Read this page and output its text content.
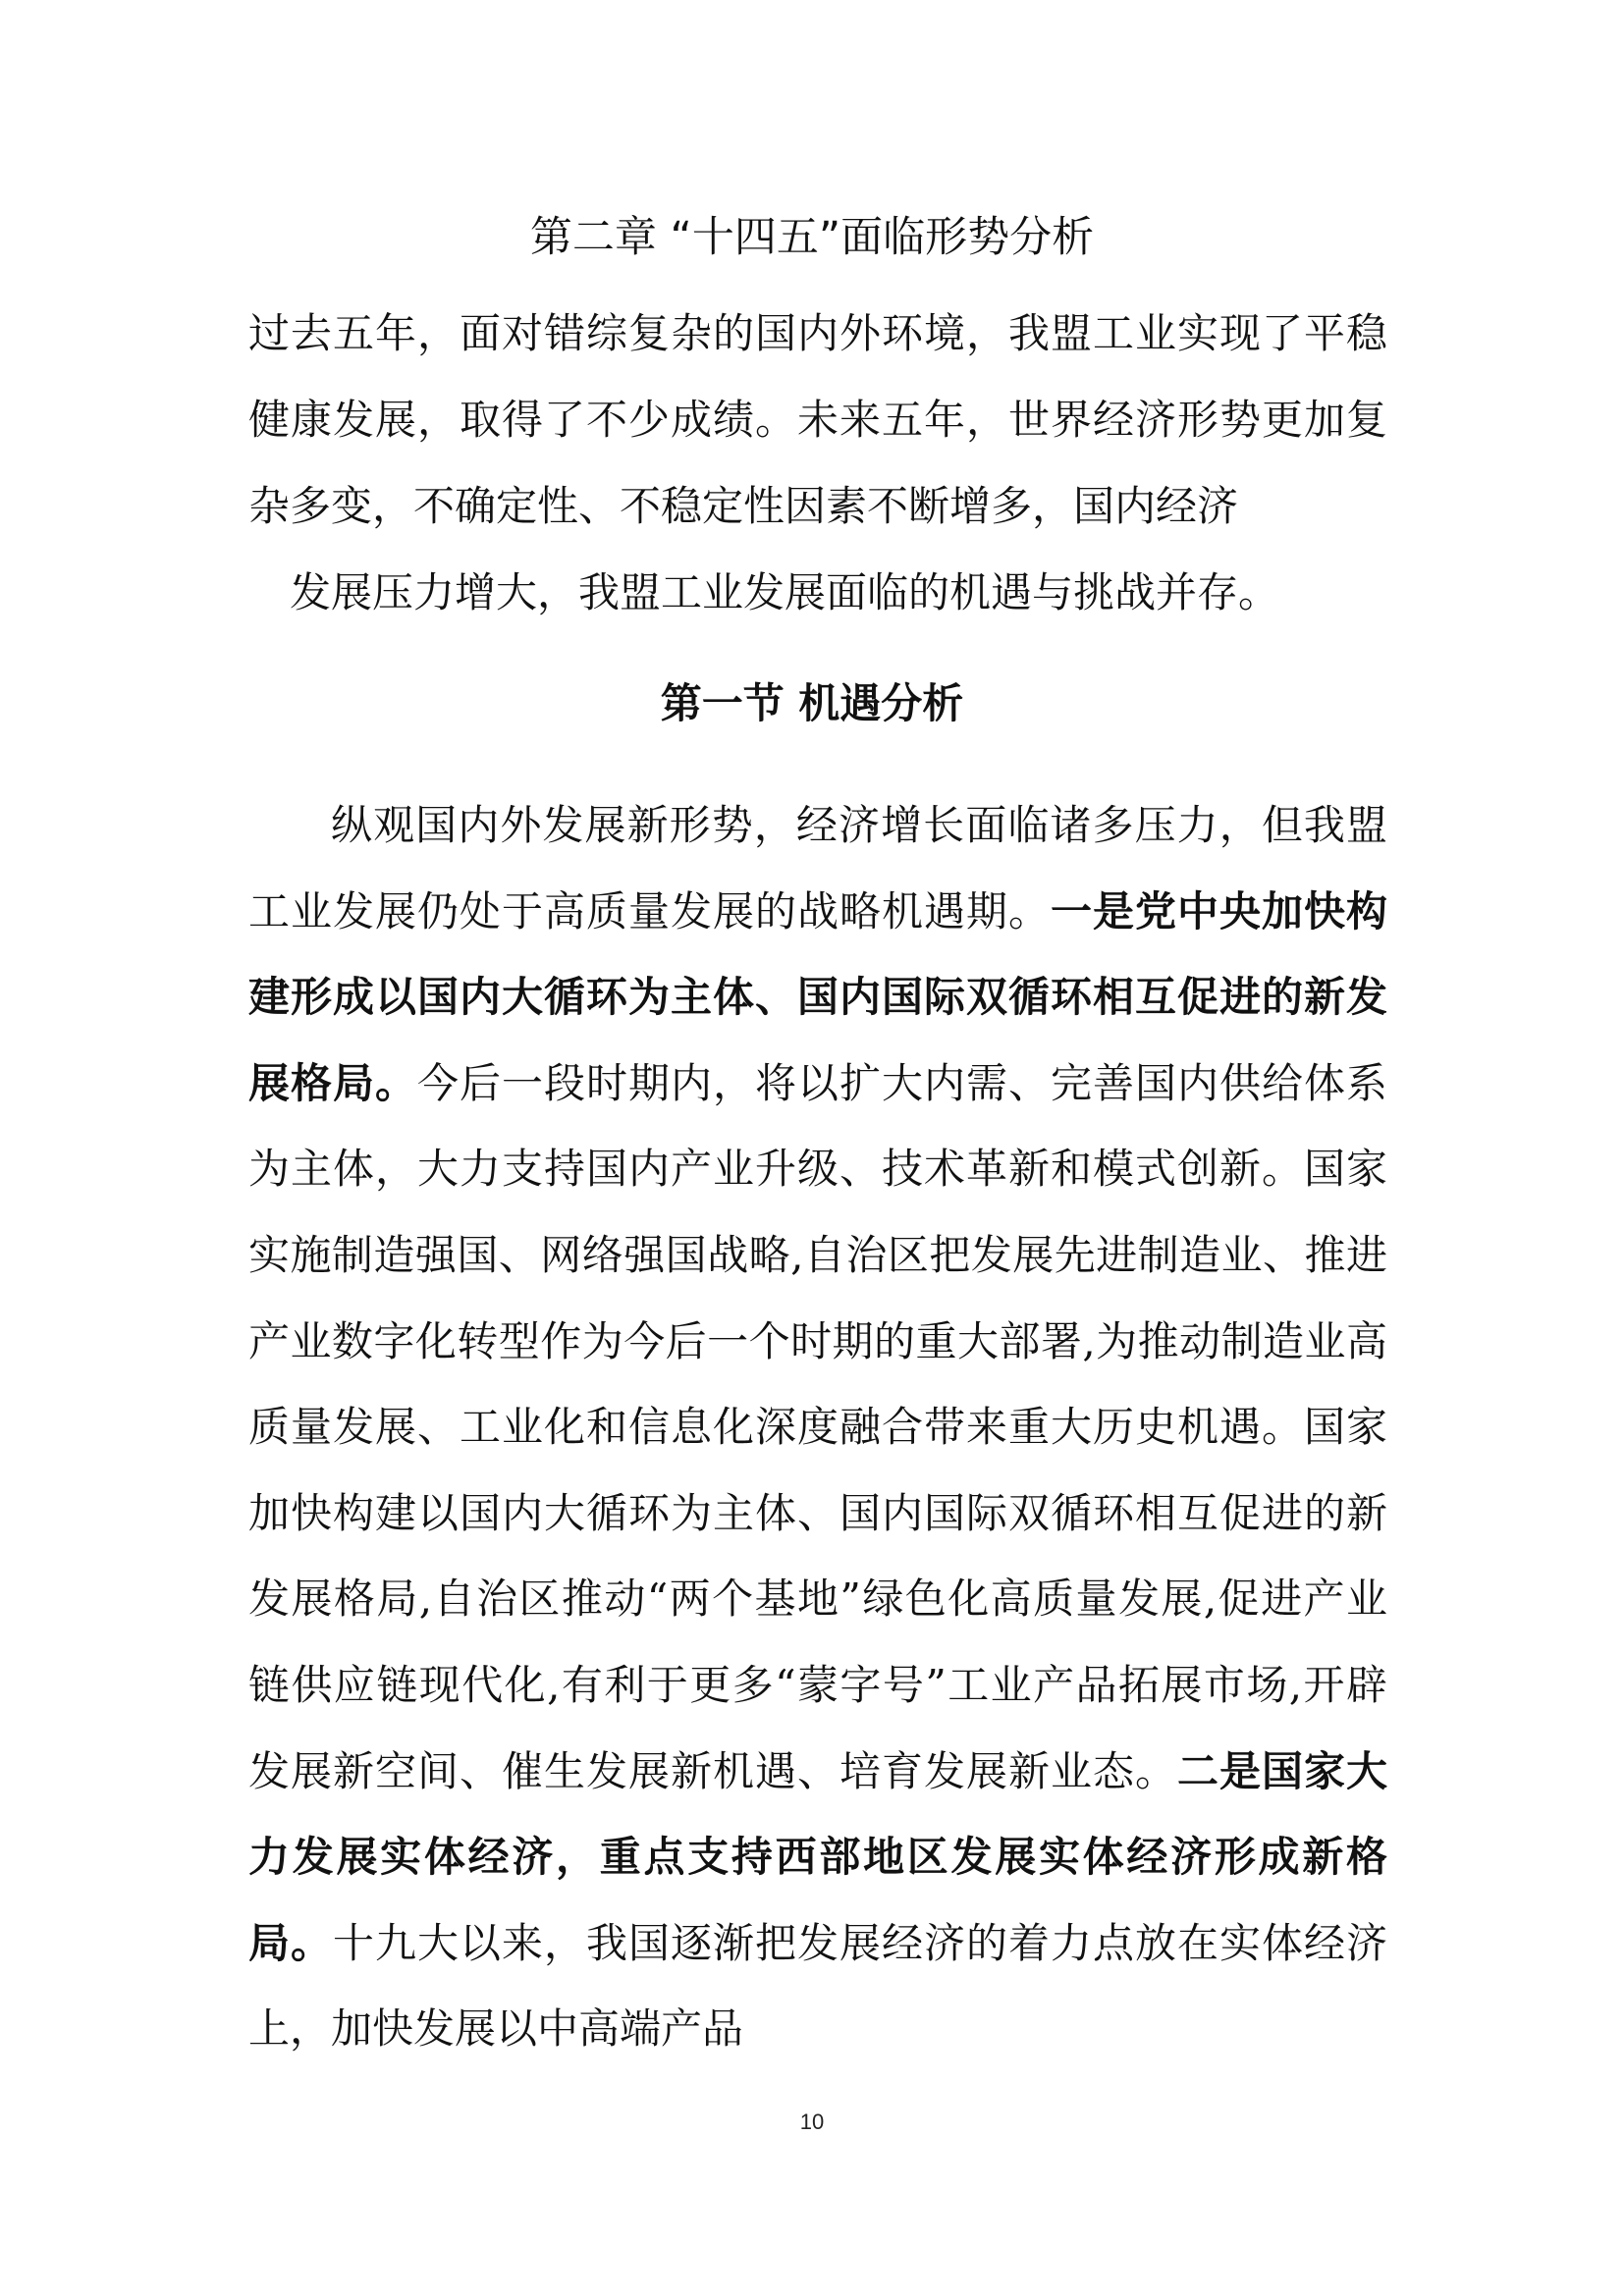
第二章 “十四五”面临形势分析
过去五年，面对错综复杂的国内外环境，我盟工业实现了平稳健康发展，取得了不少成绩。未来五年，世界经济形势更加复杂多变，不确定性、不稳定性因素不断增多，国内经济
发展压力增大，我盟工业发展面临的机遇与挑战并存。
第一节 机遇分析
纵观国内外发展新形势，经济增长面临诸多压力，但我盟工业发展仍处于高质量发展的战略机遇期。一是党中央加快构建形成以国内大循环为主体、国内国际双循环相互促进的新发展格局。今后一段时期内，将以扩大内需、完善国内供给体系为主体，大力支持国内产业升级、技术革新和模式创新。国家实施制造强国、网络强国战略,自治区把发展先进制造业、推进产业数字化转型作为今后一个时期的重大部署,为推动制造业高质量发展、工业化和信息化深度融合带来重大历史机遇。国家加快构建以国内大循环为主体、国内国际双循环相互促进的新发展格局,自治区推动“两个基地”绿色化高质量发展,促进产业链供应链现代化,有利于更多“蒙字号”工业产品拓展市场,开辟发展新空间、催生发展新机遇、培育发展新业态。二是国家大力发展实体经济，重点支持西部地区发展实体经济形成新格局。十九大以来，我国逐渐把发展经济的着力点放在实体经济上，加快发展以中高端产品
10
